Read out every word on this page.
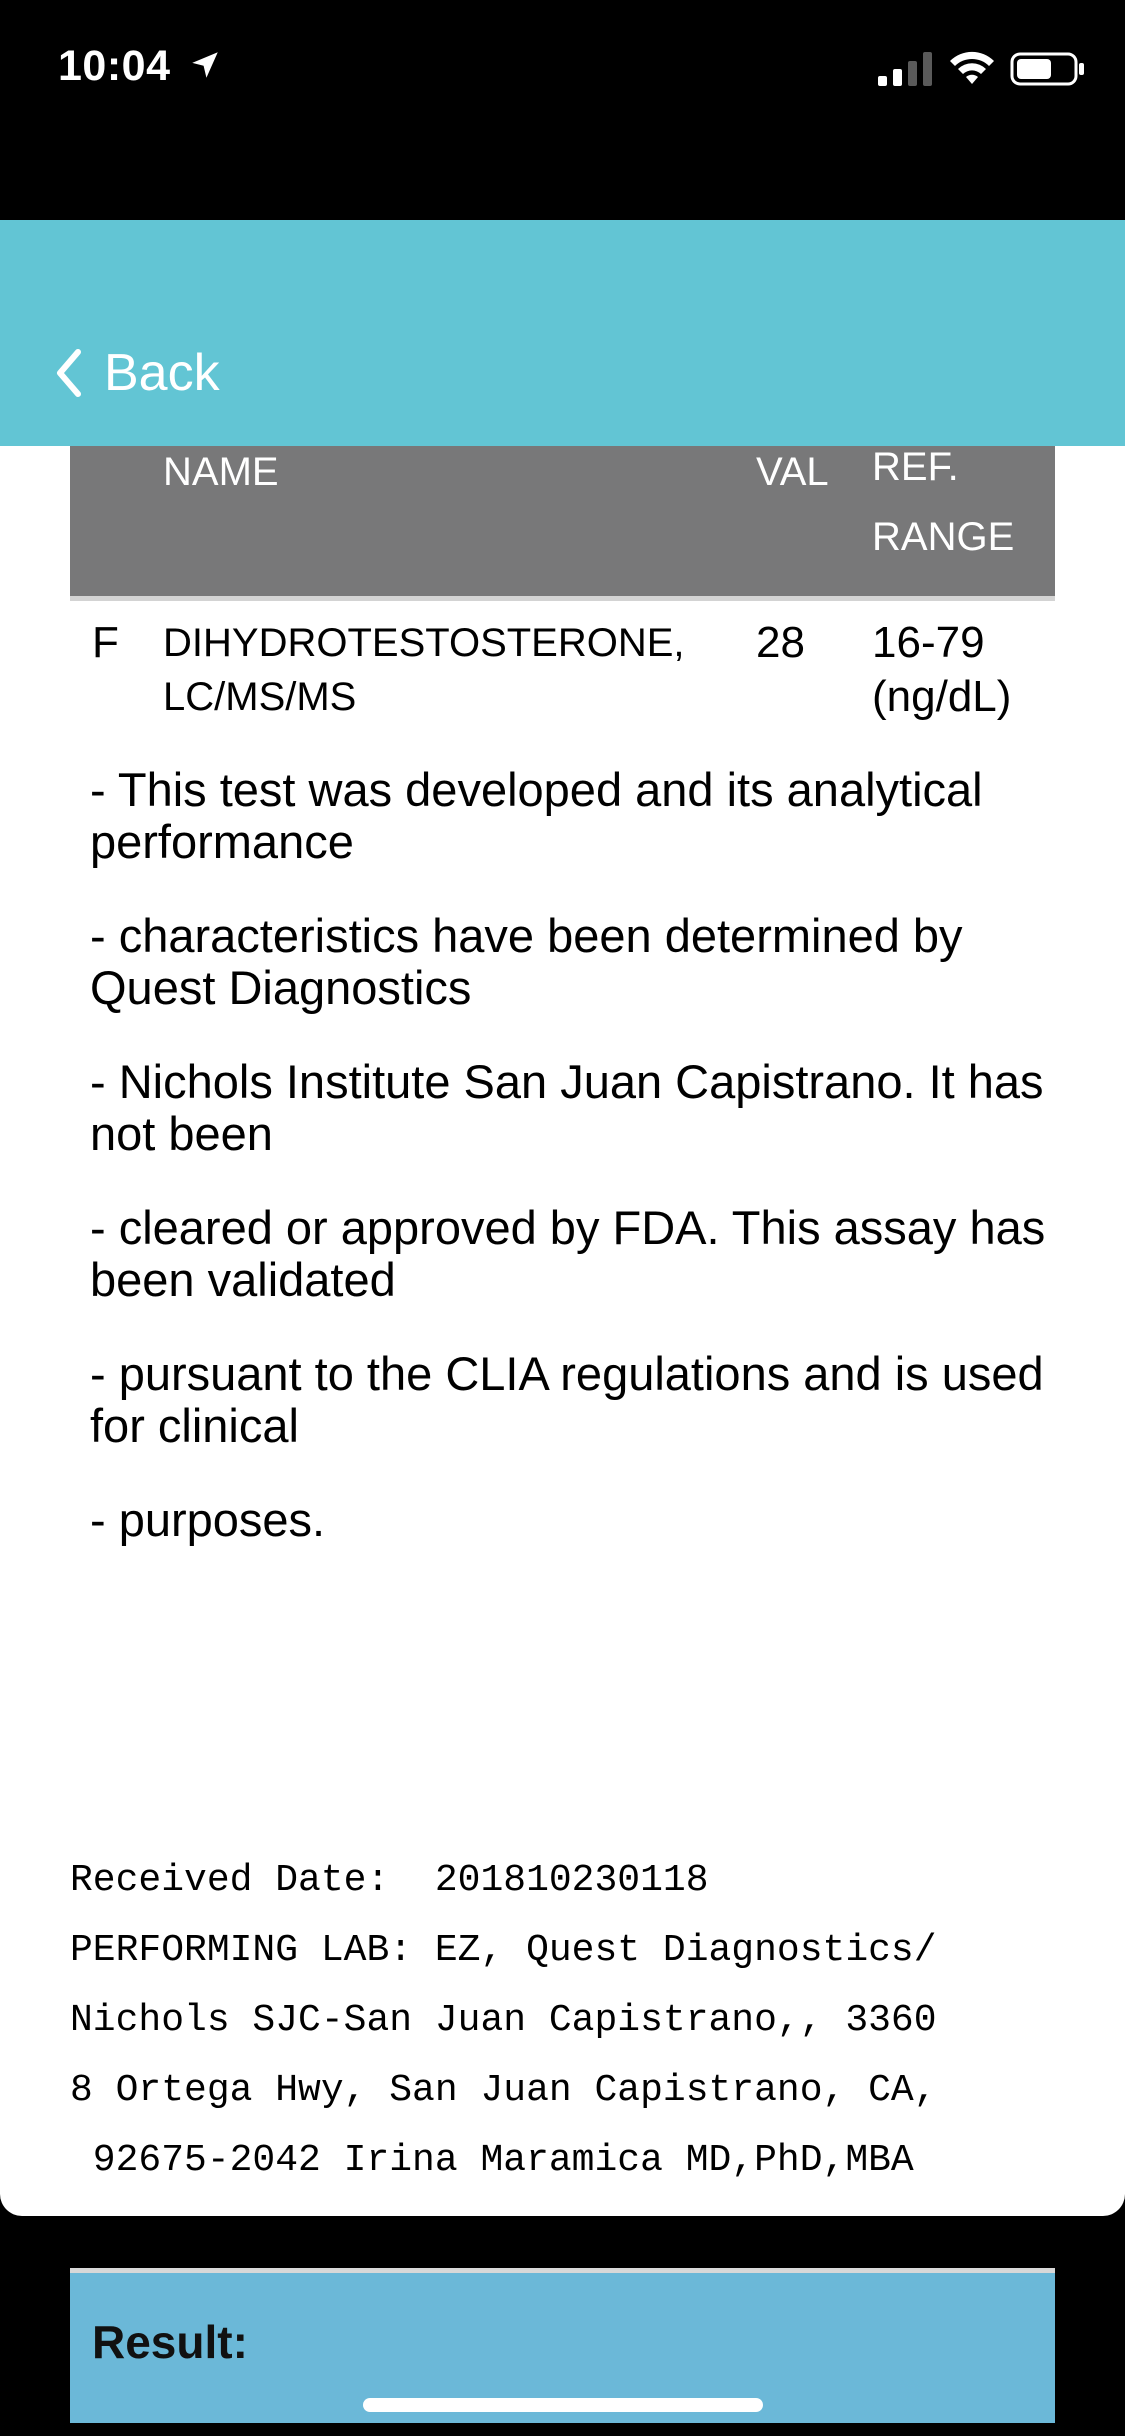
10:04
Back
NAME	VAL REF.
RANGE
F DIHYDROTESTOSTERONE,
LC/MS/MS
28 16-79
(ng/dL)

- This test was developed and its analytical performance

- characteristics have been determined by Quest Diagnostics

- Nichols Institute San Juan Capistrano. It has not been

- cleared or approved by FDA. This assay has been validated

- pursuant to the CLIA regulations and is used for clinical

- purposes.

Received Date:  201810230118
PERFORMING LAB: EZ, Quest Diagnostics/
Nichols SJC-San Juan Capistrano,, 3360
8 Ortega Hwy, San Juan Capistrano, CA,
92675-2042 Irina Maramica MD,PhD,MBA
Result:
